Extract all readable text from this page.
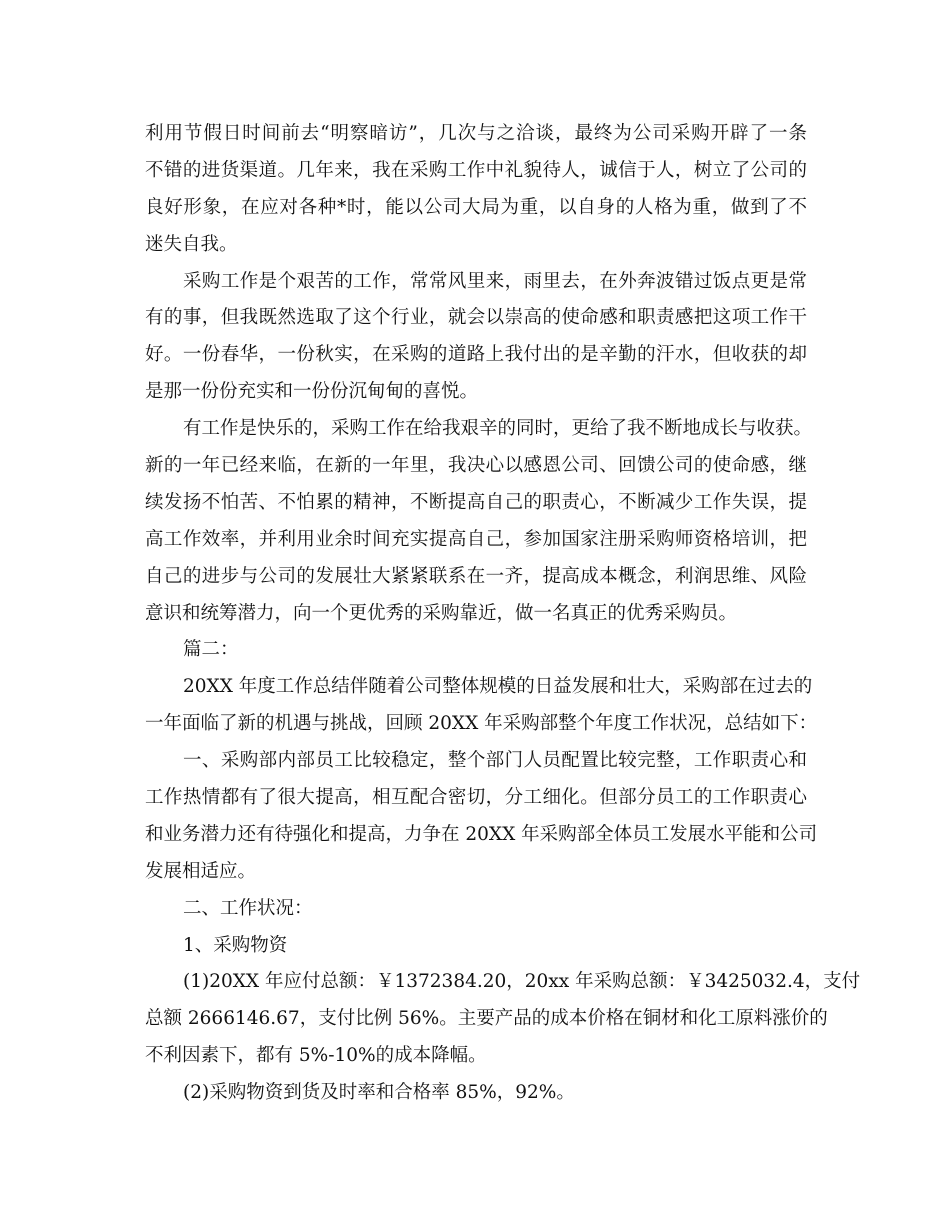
利用节假日时间前去“明察暗访”，几次与之洽谈，最终为公司采购开辟了一条
不错的进货渠道。几年来，我在采购工作中礼貌待人，诚信于人，树立了公司的
良好形象，在应对各种*时，能以公司大局为重，以自身的人格为重，做到了不
迷失自我。
采购工作是个艰苦的工作，常常风里来，雨里去，在外奔波错过饭点更是常
有的事，但我既然选取了这个行业，就会以崇高的使命感和职责感把这项工作干
好。一份春华，一份秋实，在采购的道路上我付出的是辛勤的汗水，但收获的却
是那一份份充实和一份份沉甸甸的喜悦。
有工作是快乐的，采购工作在给我艰辛的同时，更给了我不断地成长与收获。
新的一年已经来临，在新的一年里，我决心以感恩公司、回馈公司的使命感，继
续发扬不怕苦、不怕累的精神，不断提高自己的职责心，不断减少工作失误，提
高工作效率，并利用业余时间充实提高自己，参加国家注册采购师资格培训，把
自己的进步与公司的发展壮大紧紧联系在一齐，提高成本概念，利润思维、风险
意识和统筹潜力，向一个更优秀的采购靠近，做一名真正的优秀采购员。
篇二：
20XX 年度工作总结伴随着公司整体规模的日益发展和壮大，采购部在过去的
一年面临了新的机遇与挑战，回顾 20XX 年采购部整个年度工作状况，总结如下：
一、采购部内部员工比较稳定，整个部门人员配置比较完整，工作职责心和
工作热情都有了很大提高，相互配合密切，分工细化。但部分员工的工作职责心
和业务潜力还有待强化和提高，力争在 20XX 年采购部全体员工发展水平能和公司
发展相适应。
二、工作状况：
1、采购物资
(1)20XX 年应付总额：￥1372384.20，20xx 年采购总额：￥3425032.4，支付
总额 2666146.67，支付比例 56%。主要产品的成本价格在铜材和化工原料涨价的
不利因素下，都有 5%-10%的成本降幅。
(2)采购物资到货及时率和合格率 85%，92%。
